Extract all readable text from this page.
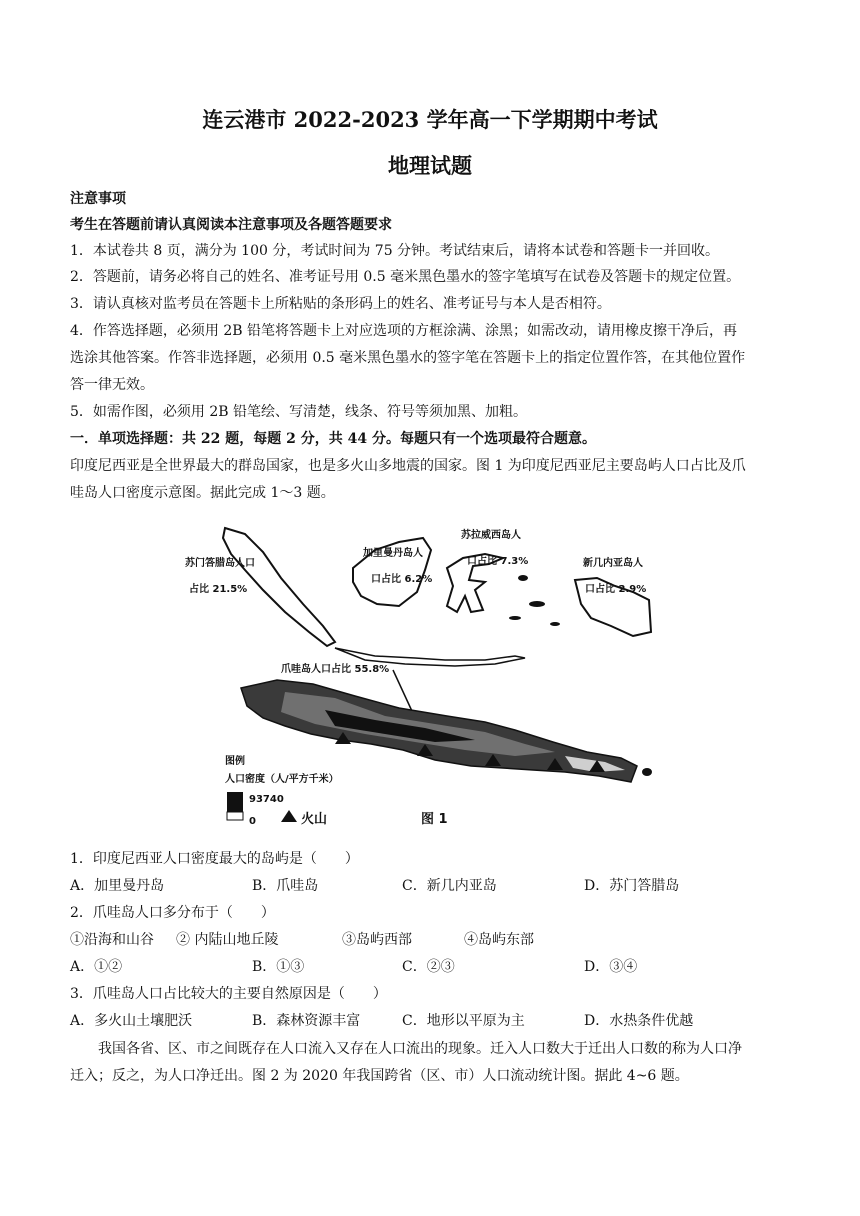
连云港市 2022-2023 学年高一下学期期中考试
地理试题
注意事项
考生在答题前请认真阅读本注意事项及各题答题要求
1．本试卷共 8 页，满分为 100 分，考试时间为 75 分钟。考试结束后，请将本试卷和答题卡一并回收。
2．答题前，请务必将自己的姓名、准考证号用 0.5 毫米黑色墨水的签字笔填写在试卷及答题卡的规定位置。
3．请认真核对监考员在答题卡上所粘贴的条形码上的姓名、准考证号与本人是否相符。
4．作答选择题，必须用 2B 铅笔将答题卡上对应选项的方框涂满、涂黑；如需改动，请用橡皮擦干净后，再
选涂其他答案。作答非选择题，必须用 0.5 毫米黑色墨水的签字笔在答题卡上的指定位置作答，在其他位置作
答一律无效。
5．如需作图，必须用 2B 铅笔绘、写清楚，线条、符号等须加黑、加粗。
一．单项选择题：共 22 题，每题 2 分，共 44 分。每题只有一个选项最符合题意。
印度尼西亚是全世界最大的群岛国家，也是多火山多地震的国家。图 1 为印度尼西亚尼主要岛屿人口占比及爪
哇岛人口密度示意图。据此完成 1～3 题。
苏门答腊岛人口
占比 21.5%
加里曼丹岛人
口占比 6.2%
苏拉威西岛人
口占比 7.3%	新几内亚岛人
口占比 2.9%
爪哇岛人口占比 55.8%
图例
人口密度（人/平方千米）
93740
0	火山	图 1
1．印度尼西亚人口密度最大的岛屿是（　　）
A．加里曼丹岛	B．爪哇岛	C．新几内亚岛	D．苏门答腊岛
2．爪哇岛人口多分布于（　　）
①沿海和山谷 ② 内陆山地丘陵	③岛屿西部	④岛屿东部
A．①②	B．①③	C．②③	D．③④
3．爪哇岛人口占比较大的主要自然原因是（　　）
A．多火山土壤肥沃	B．森林资源丰富	C．地形以平原为主	D．水热条件优越
我国各省、区、市之间既存在人口流入又存在人口流出的现象。迁入人口数大于迁出人口数的称为人口净
迁入；反之，为人口净迁出。图 2 为 2020 年我国跨省（区、市）人口流动统计图。据此 4~6 题。
